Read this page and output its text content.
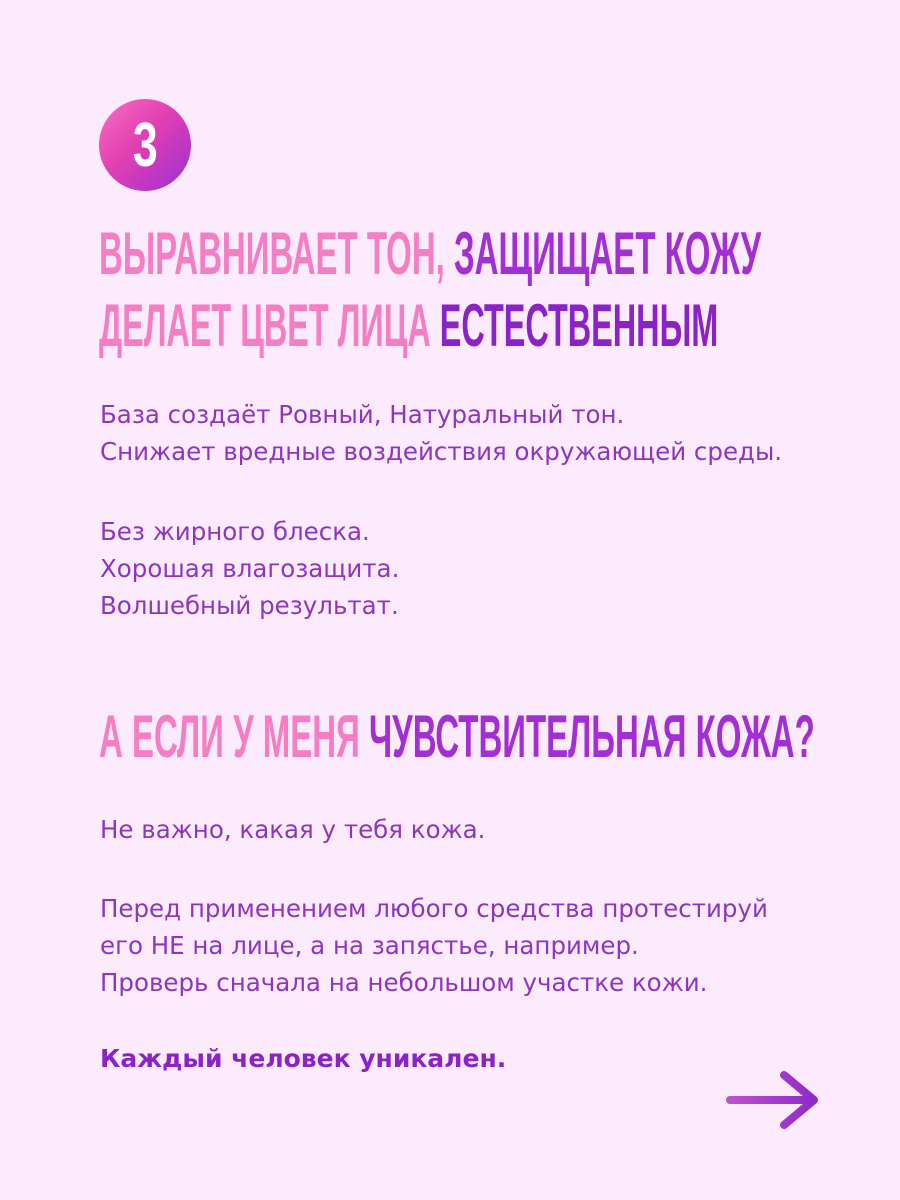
3
ВЫРАВНИВАЕТ ТОН, ЗАЩИЩАЕТ КОЖУ
ДЕЛАЕТ ЦВЕТ ЛИЦА ЕСТЕСТВЕННЫМ
База создаёт Ровный, Натуральный тон.
Снижает вредные воздействия окружающей среды.
Без жирного блеска.
Хорошая влагозащита.
Волшебный результат.
А ЕСЛИ У МЕНЯ ЧУВСТВИТЕЛЬНАЯ КОЖА?
Не важно, какая у тебя кожа.
Перед применением любого средства протестируй
его НЕ на лице, а на запястье, например.
Проверь сначала на небольшом участке кожи.
Каждый человек уникален.
